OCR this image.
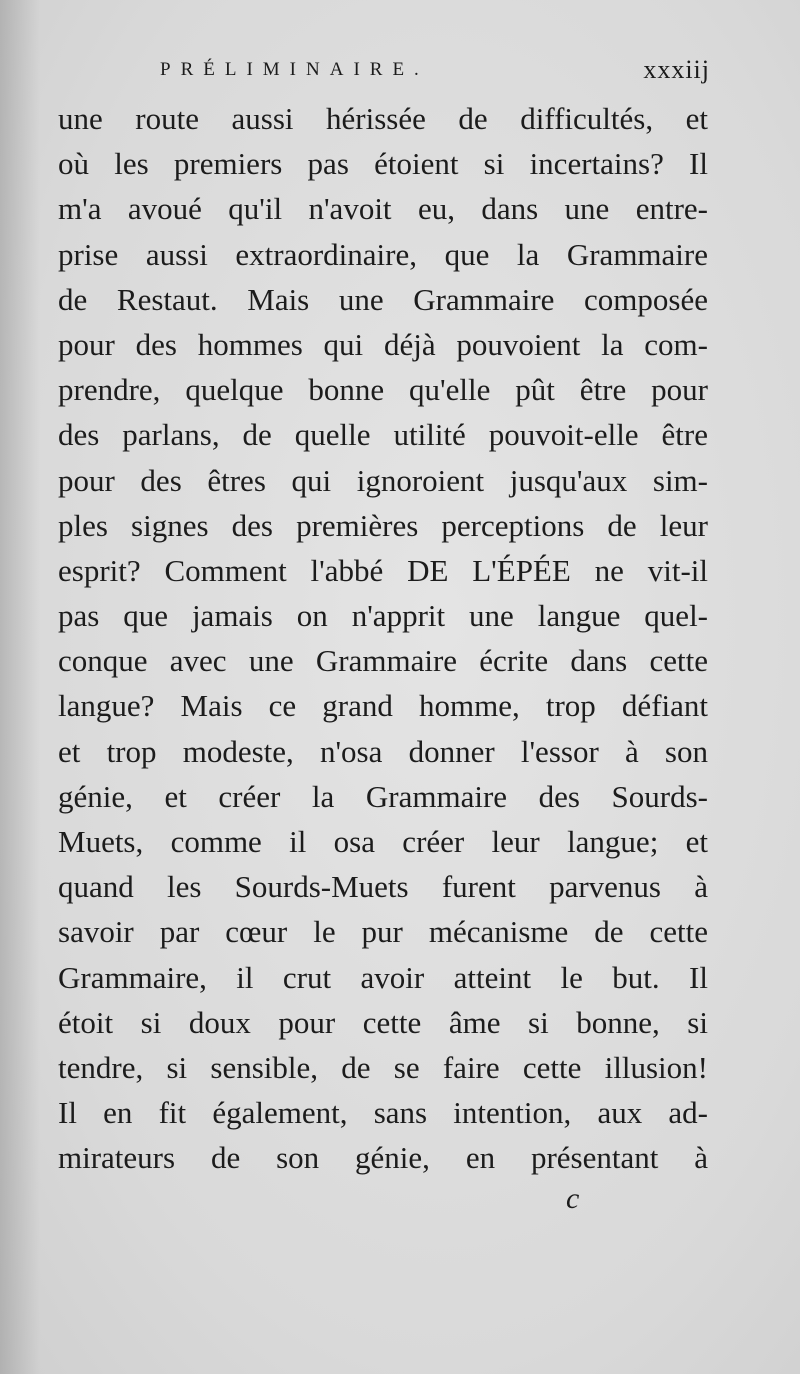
PRÉLIMINAIRE.	xxxiij
une route aussi hérissée de difficultés, et
où les premiers pas étoient si incertains? Il
m'a avoué qu'il n'avoit eu, dans une entre-
prise aussi extraordinaire, que la Grammaire
de Restaut. Mais une Grammaire composée
pour des hommes qui déjà pouvoient la com-
prendre, quelque bonne qu'elle pût être pour
des parlans, de quelle utilité pouvoit-elle être
pour des êtres qui ignoroient jusqu'aux sim-
ples signes des premières perceptions de leur
esprit? Comment l'abbé DE L'ÉPÉE ne vit-il
pas que jamais on n'apprit une langue quel-
conque avec une Grammaire écrite dans cette
langue? Mais ce grand homme, trop défiant
et trop modeste, n'osa donner l'essor à son
génie, et créer la Grammaire des Sourds-
Muets, comme il osa créer leur langue; et
quand les Sourds-Muets furent parvenus à
savoir par cœur le pur mécanisme de cette
Grammaire, il crut avoir atteint le but. Il
étoit si doux pour cette âme si bonne, si
tendre, si sensible, de se faire cette illusion!
Il en fit également, sans intention, aux ad-
mirateurs de son génie, en présentant à
c
